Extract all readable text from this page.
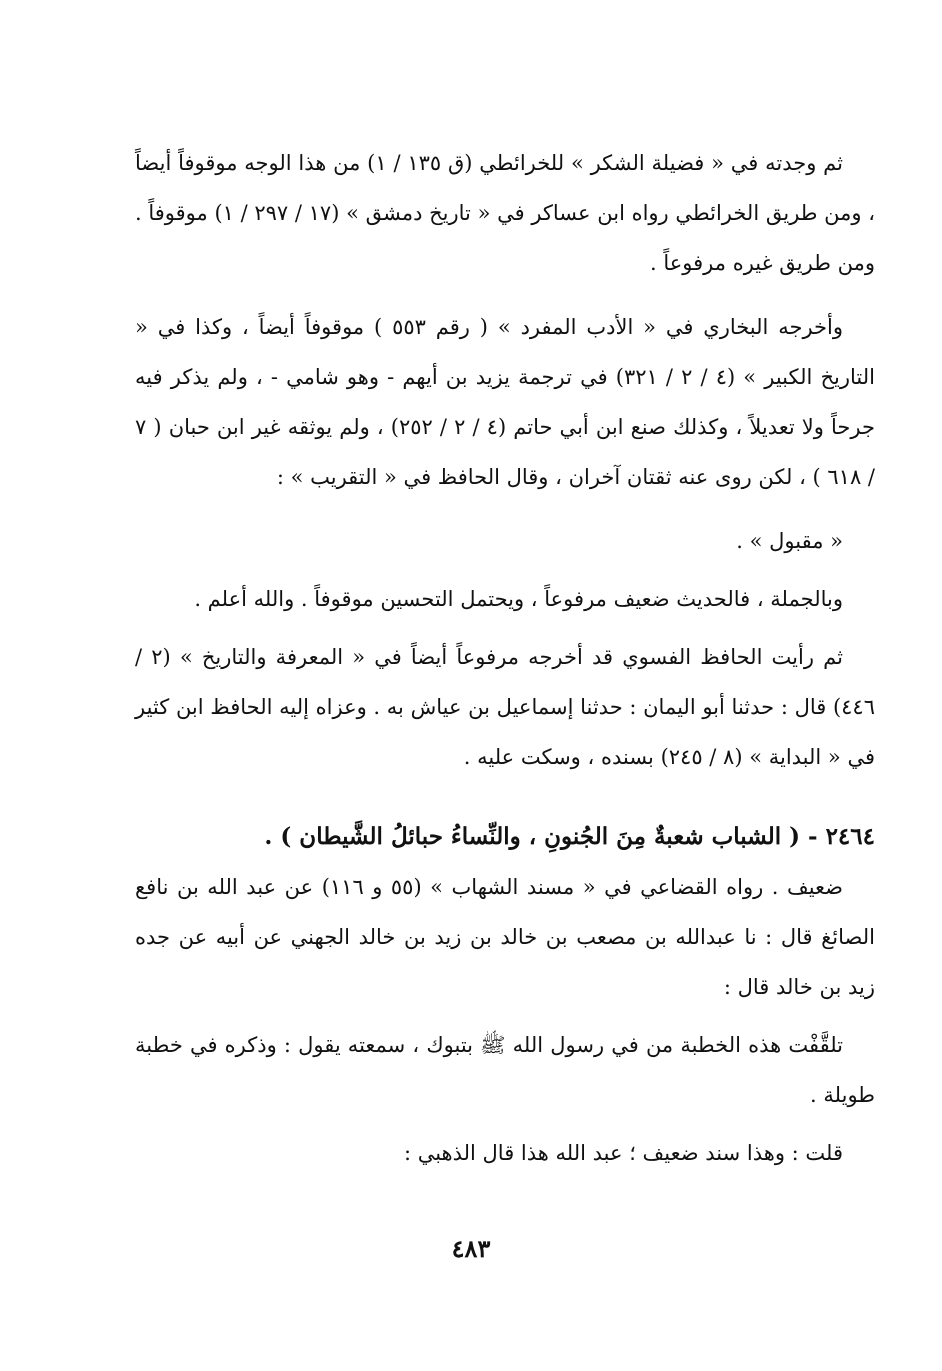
ثم وجدته في « فضيلة الشكر » للخرائطي (ق ١٣٥ / ١) من هذا الوجه موقوفاً أيضاً ، ومن طريق الخرائطي رواه ابن عساكر في « تاريخ دمشق » (١٧ / ٢٩٧ / ١) موقوفاً . ومن طريق غيره مرفوعاً .

وأخرجه البخاري في « الأدب المفرد » ( رقم ٥٥٣ ) موقوفاً أيضاً ، وكذا في « التاريخ الكبير » (٤ / ٢ / ٣٢١) في ترجمة يزيد بن أيهم - وهو شامي - ، ولم يذكر فيه جرحاً ولا تعديلاً ، وكذلك صنع ابن أبي حاتم (٤ / ٢ / ٢٥٢) ، ولم يوثقه غير ابن حبان ( ٧ / ٦١٨ ) ، لكن روى عنه ثقتان آخران ، وقال الحافظ في « التقريب » :

« مقبول » .

وبالجملة ، فالحديث ضعيف مرفوعاً ، ويحتمل التحسين موقوفاً . والله أعلم .

ثم رأيت الحافظ الفسوي قد أخرجه مرفوعاً أيضاً في « المعرفة والتاريخ » (٢ / ٤٤٦) قال : حدثنا أبو اليمان : حدثنا إسماعيل بن عياش به . وعزاه إليه الحافظ ابن كثير في « البداية » (٨ / ٢٤٥) بسنده ، وسكت عليه .

٢٤٦٤ - ( الشباب شعبةٌ مِنَ الجُنونِ ، والنِّساءُ حبائلُ الشَّيطان ) .

ضعيف . رواه القضاعي في « مسند الشهاب » (٥٥ و ١١٦) عن عبد الله بن نافع الصائغ قال : نا عبدالله بن مصعب بن خالد بن زيد بن خالد الجهني عن أبيه عن جده زيد بن خالد قال :

تلقَّفْت هذه الخطبة من في رسول الله ﷺ بتبوك ، سمعته يقول : وذكره في خطبة طويلة .

قلت : وهذا سند ضعيف ؛ عبد الله هذا قال الذهبي :

٤٨٣
